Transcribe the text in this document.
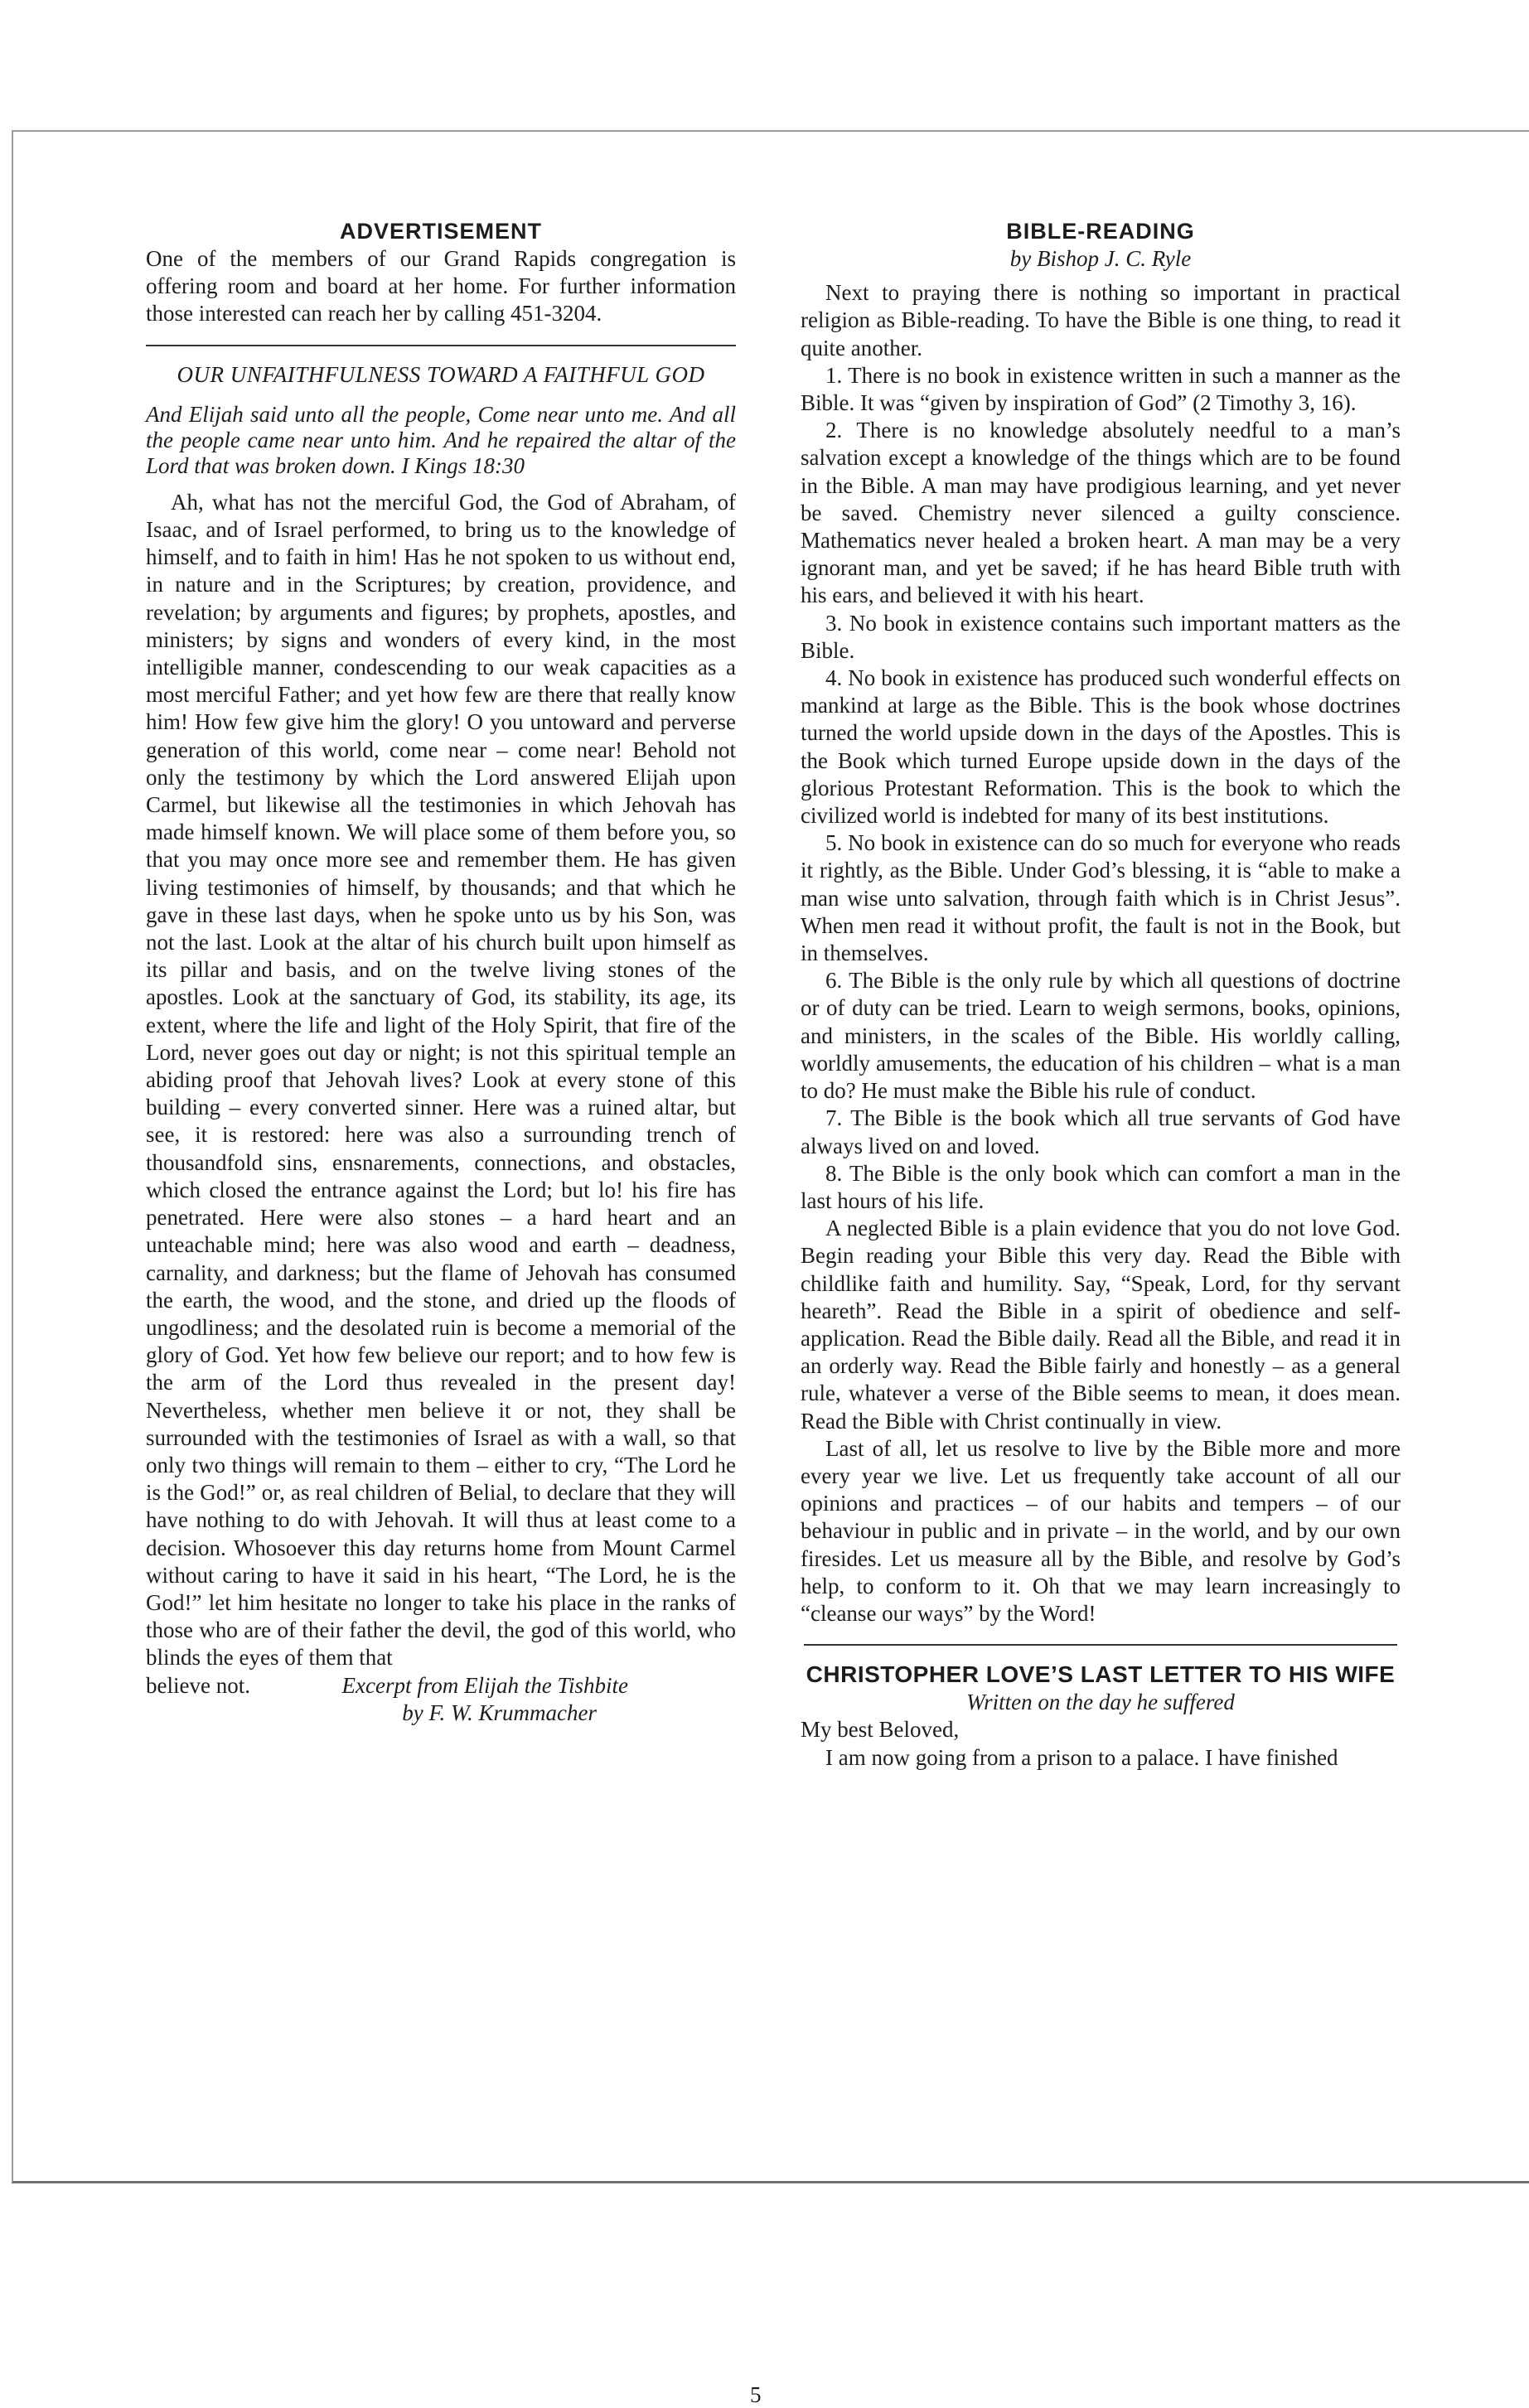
ADVERTISEMENT

One of the members of our Grand Rapids congregation is offering room and board at her home. For further information those interested can reach her by calling 451-3204.

OUR UNFAITHFULNESS TOWARD A FAITHFUL GOD

And Elijah said unto all the people, Come near unto me. And all the people came near unto him. And he repaired the altar of the Lord that was broken down. I Kings 18:30

Ah, what has not the merciful God, the God of Abraham, of Isaac, and of Israel performed, to bring us to the knowledge of himself, and to faith in him! Has he not spoken to us without end, in nature and in the Scriptures; by creation, providence, and revelation; by arguments and figures; by prophets, apostles, and ministers; by signs and wonders of every kind, in the most intelligible manner, condescending to our weak capacities as a most merciful Father; and yet how few are there that really know him! How few give him the glory! O you untoward and perverse generation of this world, come near – come near! Behold not only the testimony by which the Lord answered Elijah upon Carmel, but likewise all the testimonies in which Jehovah has made himself known. We will place some of them before you, so that you may once more see and remember them. He has given living testimonies of himself, by thousands; and that which he gave in these last days, when he spoke unto us by his Son, was not the last. Look at the altar of his church built upon himself as its pillar and basis, and on the twelve living stones of the apostles. Look at the sanctuary of God, its stability, its age, its extent, where the life and light of the Holy Spirit, that fire of the Lord, never goes out day or night; is not this spiritual temple an abiding proof that Jehovah lives? Look at every stone of this building – every converted sinner. Here was a ruined altar, but see, it is restored: here was also a surrounding trench of thousandfold sins, ensnarements, connections, and obstacles, which closed the entrance against the Lord; but lo! his fire has penetrated. Here were also stones – a hard heart and an unteachable mind; here was also wood and earth – deadness, carnality, and darkness; but the flame of Jehovah has consumed the earth, the wood, and the stone, and dried up the floods of ungodliness; and the desolated ruin is become a memorial of the glory of God. Yet how few believe our report; and to how few is the arm of the Lord thus revealed in the present day! Nevertheless, whether men believe it or not, they shall be surrounded with the testimonies of Israel as with a wall, so that only two things will remain to them – either to cry, “The Lord he is the God!” or, as real children of Belial, to declare that they will have nothing to do with Jehovah. It will thus at least come to a decision. Whosoever this day returns home from Mount Carmel without caring to have it said in his heart, “The Lord, he is the God!” let him hesitate no longer to take his place in the ranks of those who are of their father the devil, the god of this world, who blinds the eyes of them that

believe not.	Excerpt from Elijah the Tishbite
by F. W. Krummacher
BIBLE-READING
by Bishop J. C. Ryle

Next to praying there is nothing so important in practical religion as Bible-reading. To have the Bible is one thing, to read it quite another.

1. There is no book in existence written in such a manner as the Bible. It was “given by inspiration of God” (2 Timothy 3, 16).

2. There is no knowledge absolutely needful to a man’s salvation except a knowledge of the things which are to be found in the Bible. A man may have prodigious learning, and yet never be saved. Chemistry never silenced a guilty conscience. Mathematics never healed a broken heart. A man may be a very ignorant man, and yet be saved; if he has heard Bible truth with his ears, and believed it with his heart.

3. No book in existence contains such important matters as the Bible.

4. No book in existence has produced such wonderful effects on mankind at large as the Bible. This is the book whose doctrines turned the world upside down in the days of the Apostles. This is the Book which turned Europe upside down in the days of the glorious Protestant Reformation. This is the book to which the civilized world is indebted for many of its best institutions.

5. No book in existence can do so much for everyone who reads it rightly, as the Bible. Under God’s blessing, it is “able to make a man wise unto salvation, through faith which is in Christ Jesus”. When men read it without profit, the fault is not in the Book, but in themselves.

6. The Bible is the only rule by which all questions of doctrine or of duty can be tried. Learn to weigh sermons, books, opinions, and ministers, in the scales of the Bible. His worldly calling, worldly amusements, the education of his children – what is a man to do? He must make the Bible his rule of conduct.

7. The Bible is the book which all true servants of God have always lived on and loved.

8. The Bible is the only book which can comfort a man in the last hours of his life.

A neglected Bible is a plain evidence that you do not love God. Begin reading your Bible this very day. Read the Bible with childlike faith and humility. Say, “Speak, Lord, for thy servant heareth”. Read the Bible in a spirit of obedience and self-application. Read the Bible daily. Read all the Bible, and read it in an orderly way. Read the Bible fairly and honestly – as a general rule, whatever a verse of the Bible seems to mean, it does mean. Read the Bible with Christ continually in view.

Last of all, let us resolve to live by the Bible more and more every year we live. Let us frequently take account of all our opinions and practices – of our habits and tempers – of our behaviour in public and in private – in the world, and by our own firesides. Let us measure all by the Bible, and resolve by God’s help, to conform to it. Oh that we may learn increasingly to “cleanse our ways” by the Word!

CHRISTOPHER LOVE’S LAST LETTER TO HIS WIFE
Written on the day he suffered

My best Beloved,

I am now going from a prison to a palace. I have finished

5
